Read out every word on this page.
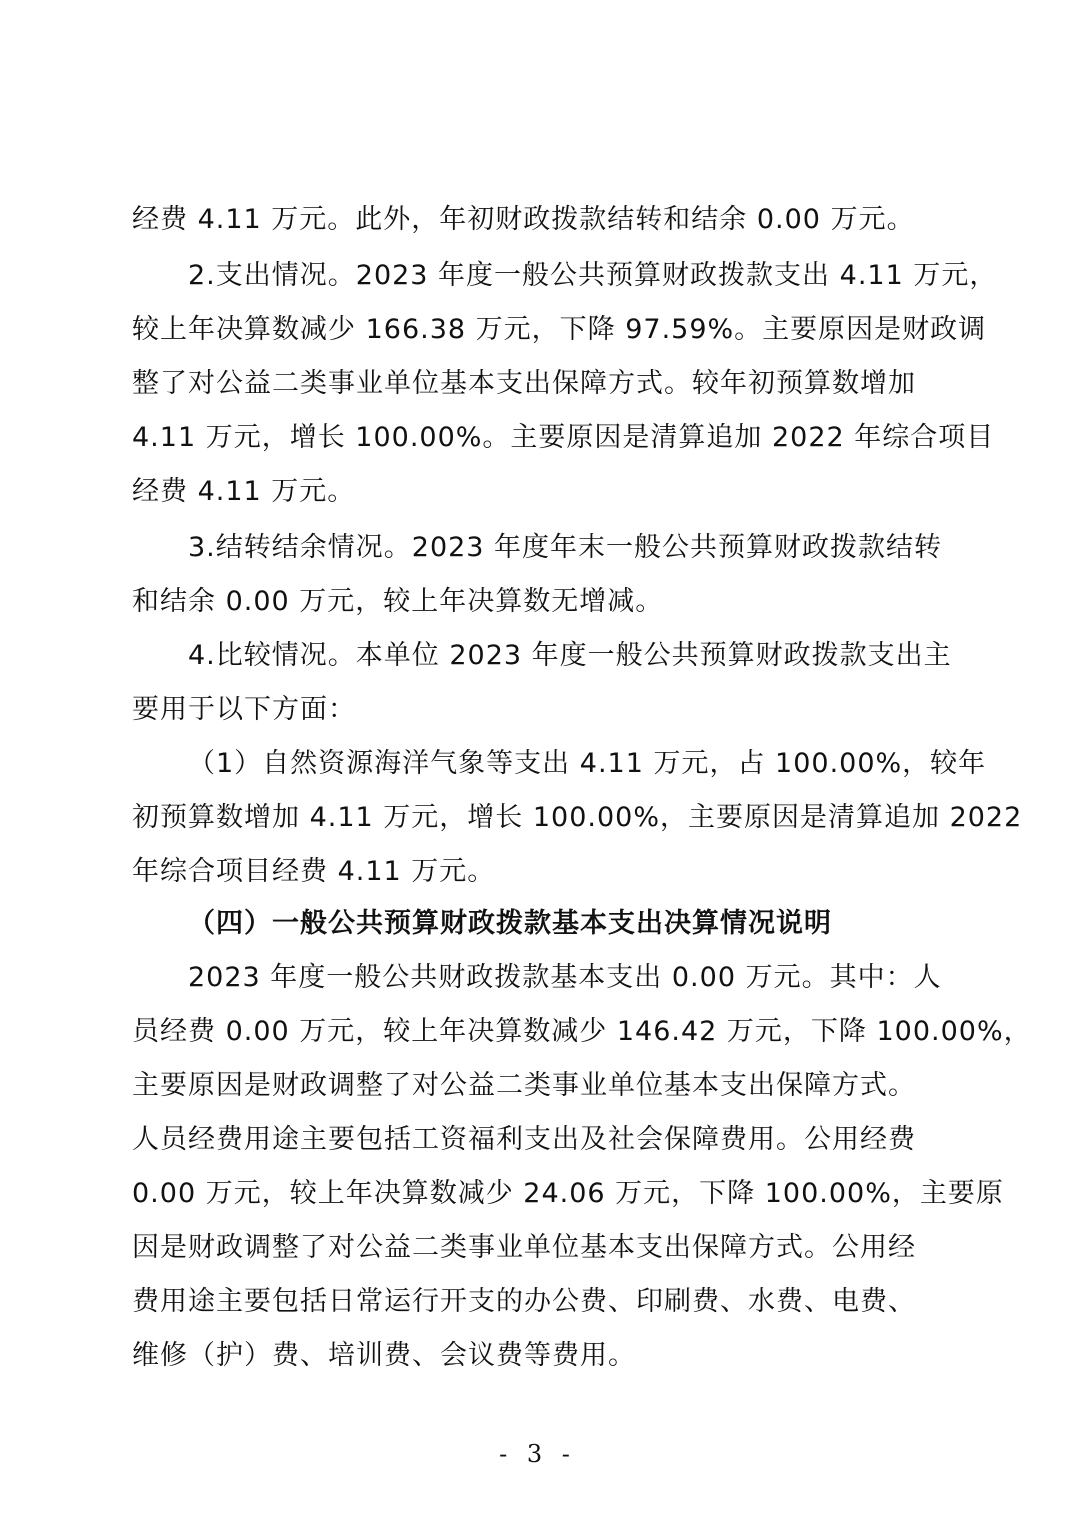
经费 4.11 万元。此外，年初财政拨款结转和结余 0.00 万元。
2.支出情况。2023 年度一般公共预算财政拨款支出 4.11 万元，
较上年决算数减少 166.38 万元，下降 97.59%。主要原因是财政调
整了对公益二类事业单位基本支出保障方式。较年初预算数增加
4.11 万元，增长 100.00%。主要原因是清算追加 2022 年综合项目
经费 4.11 万元。
3.结转结余情况。2023 年度年末一般公共预算财政拨款结转
和结余 0.00 万元，较上年决算数无增减。
4.比较情况。本单位 2023 年度一般公共预算财政拨款支出主
要用于以下方面：
（1）自然资源海洋气象等支出 4.11 万元，占 100.00%，较年
初预算数增加 4.11 万元，增长 100.00%，主要原因是清算追加 2022
年综合项目经费 4.11 万元。
（四）一般公共预算财政拨款基本支出决算情况说明
2023 年度一般公共财政拨款基本支出 0.00 万元。其中：人
员经费 0.00 万元，较上年决算数减少 146.42 万元，下降 100.00%，
主要原因是财政调整了对公益二类事业单位基本支出保障方式。
人员经费用途主要包括工资福利支出及社会保障费用。公用经费
0.00 万元，较上年决算数减少 24.06 万元，下降 100.00%，主要原
因是财政调整了对公益二类事业单位基本支出保障方式。公用经
费用途主要包括日常运行开支的办公费、印刷费、水费、电费、
维修（护）费、培训费、会议费等费用。
- 3 -
